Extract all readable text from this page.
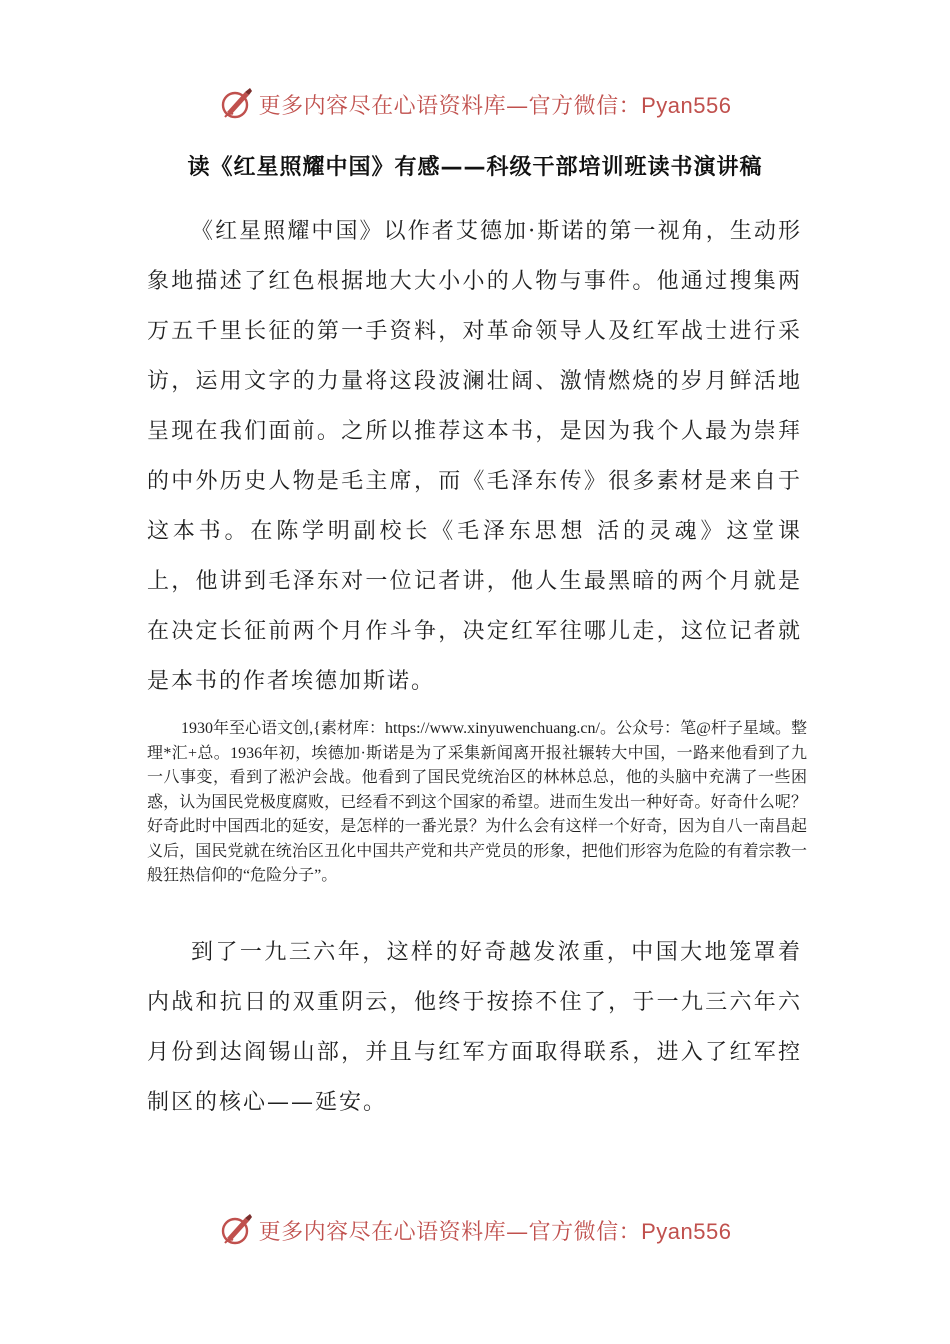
更多内容尽在心语资料库—官方微信：Pyan556
读《红星照耀中国》有感——科级干部培训班读书演讲稿

《红星照耀中国》以作者艾德加·斯诺的第一视角，生动形象地描述了红色根据地大大小小的人物与事件。他通过搜集两万五千里长征的第一手资料，对革命领导人及红军战士进行采访，运用文字的力量将这段波澜壮阔、激情燃烧的岁月鲜活地呈现在我们面前。之所以推荐这本书，是因为我个人最为崇拜的中外历史人物是毛主席，而《毛泽东传》很多素材是来自于这本书。在陈学明副校长《毛泽东思想 活的灵魂》这堂课上，他讲到毛泽东对一位记者讲，他人生最黑暗的两个月就是在决定长征前两个月作斗争，决定红军往哪儿走，这位记者就是本书的作者埃德加斯诺。

1930年至心语文创,{素材库：https://www.xinyuwenchuang.cn/。公众号：笔@杆子星域。整理*汇+总。1936年初，埃德加·斯诺是为了采集新闻离开报社辗转大中国，一路来他看到了九一八事变，看到了淞沪会战。他看到了国民党统治区的林林总总，他的头脑中充满了一些困惑，认为国民党极度腐败，已经看不到这个国家的希望。进而生发出一种好奇。好奇什么呢？好奇此时中国西北的延安，是怎样的一番光景？为什么会有这样一个好奇，因为自八一南昌起义后，国民党就在统治区丑化中国共产党和共产党员的形象，把他们形容为危险的有着宗教一般狂热信仰的“危险分子”。

到了一九三六年，这样的好奇越发浓重，中国大地笼罩着内战和抗日的双重阴云，他终于按捺不住了，于一九三六年六月份到达阎锡山部，并且与红军方面取得联系，进入了红军控制区的核心——延安。

更多内容尽在心语资料库—官方微信：Pyan556
